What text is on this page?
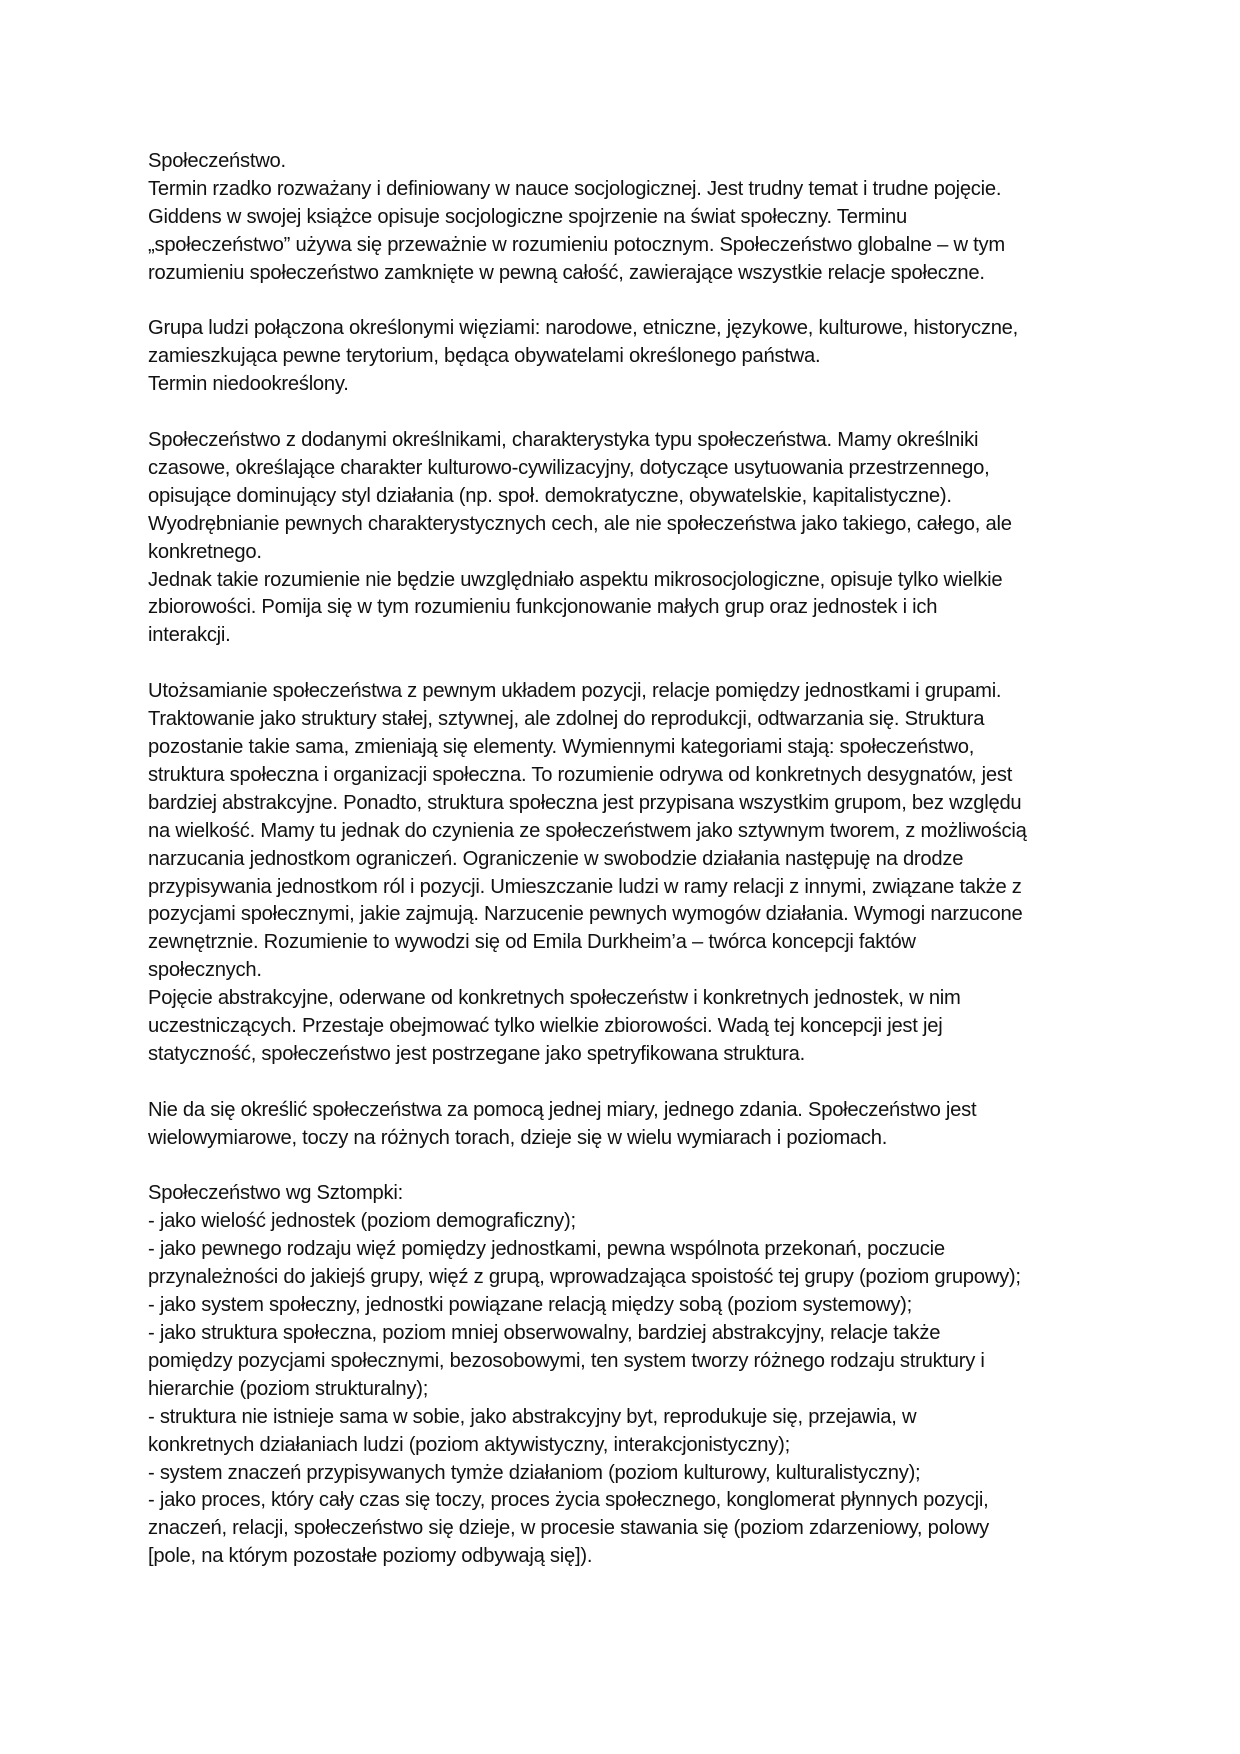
Społeczeństwo.
Termin rzadko rozważany i definiowany w nauce socjologicznej. Jest trudny temat i trudne pojęcie.
Giddens w swojej książce opisuje socjologiczne spojrzenie na świat społeczny. Terminu
„społeczeństwo” używa się przeważnie w rozumieniu potocznym. Społeczeństwo globalne – w tym
rozumieniu społeczeństwo zamknięte w pewną całość, zawierające wszystkie relacje społeczne.
Grupa ludzi połączona określonymi więziami: narodowe, etniczne, językowe, kulturowe, historyczne,
zamieszkująca pewne terytorium, będąca obywatelami określonego państwa.
Termin niedookreślony.
Społeczeństwo z dodanymi określnikami, charakterystyka typu społeczeństwa. Mamy określniki
czasowe, określające charakter kulturowo-cywilizacyjny, dotyczące usytuowania przestrzennego,
opisujące dominujący styl działania (np. społ. demokratyczne, obywatelskie, kapitalistyczne).
Wyodrębnianie pewnych charakterystycznych cech, ale nie społeczeństwa jako takiego, całego, ale
konkretnego.
Jednak takie rozumienie nie będzie uwzględniało aspektu mikrosocjologiczne, opisuje tylko wielkie
zbiorowości. Pomija się w tym rozumieniu funkcjonowanie małych grup oraz jednostek i ich
interakcji.
Utożsamianie społeczeństwa z pewnym układem pozycji, relacje pomiędzy jednostkami i grupami.
Traktowanie jako struktury stałej, sztywnej, ale zdolnej do reprodukcji, odtwarzania się. Struktura
pozostanie takie sama, zmieniają się elementy. Wymiennymi kategoriami stają: społeczeństwo,
struktura społeczna i organizacji społeczna. To rozumienie odrywa od konkretnych desygnatów, jest
bardziej abstrakcyjne. Ponadto, struktura społeczna jest przypisana wszystkim grupom, bez względu
na wielkość. Mamy tu jednak do czynienia ze społeczeństwem jako sztywnym tworem, z możliwością
narzucania jednostkom ograniczeń. Ograniczenie w swobodzie działania następuję na drodze
przypisywania jednostkom ról i pozycji. Umieszczanie ludzi w ramy relacji z innymi, związane także z
pozycjami społecznymi, jakie zajmują. Narzucenie pewnych wymogów działania. Wymogi narzucone
zewnętrznie. Rozumienie to wywodzi się od Emila Durkheim’a – twórca koncepcji faktów
społecznych.
Pojęcie abstrakcyjne, oderwane od konkretnych społeczeństw i konkretnych jednostek, w nim
uczestniczących. Przestaje obejmować tylko wielkie zbiorowości. Wadą tej koncepcji jest jej
statyczność, społeczeństwo jest postrzegane jako spetryfikowana struktura.
Nie da się określić społeczeństwa za pomocą jednej miary, jednego zdania. Społeczeństwo jest
wielowymiarowe, toczy na różnych torach, dzieje się w wielu wymiarach i poziomach.
Społeczeństwo wg Sztompki:
- jako wielość jednostek (poziom demograficzny);
- jako pewnego rodzaju więź pomiędzy jednostkami, pewna wspólnota przekonań, poczucie
przynależności do jakiejś grupy, więź z grupą, wprowadzająca spoistość tej grupy (poziom grupowy);
- jako system społeczny, jednostki powiązane relacją między sobą (poziom systemowy);
- jako struktura społeczna, poziom mniej obserwowalny, bardziej abstrakcyjny, relacje także
pomiędzy pozycjami społecznymi, bezosobowymi, ten system tworzy różnego rodzaju struktury i
hierarchie (poziom strukturalny);
- struktura nie istnieje sama w sobie, jako abstrakcyjny byt, reprodukuje się, przejawia, w
konkretnych działaniach ludzi (poziom aktywistyczny, interakcjonistyczny);
- system znaczeń przypisywanych tymże działaniom (poziom kulturowy, kulturalistyczny);
- jako proces, który cały czas się toczy, proces życia społecznego, konglomerat płynnych pozycji,
znaczeń, relacji, społeczeństwo się dzieje, w procesie stawania się (poziom zdarzeniowy, polowy
[pole, na którym pozostałe poziomy odbywają się]).
